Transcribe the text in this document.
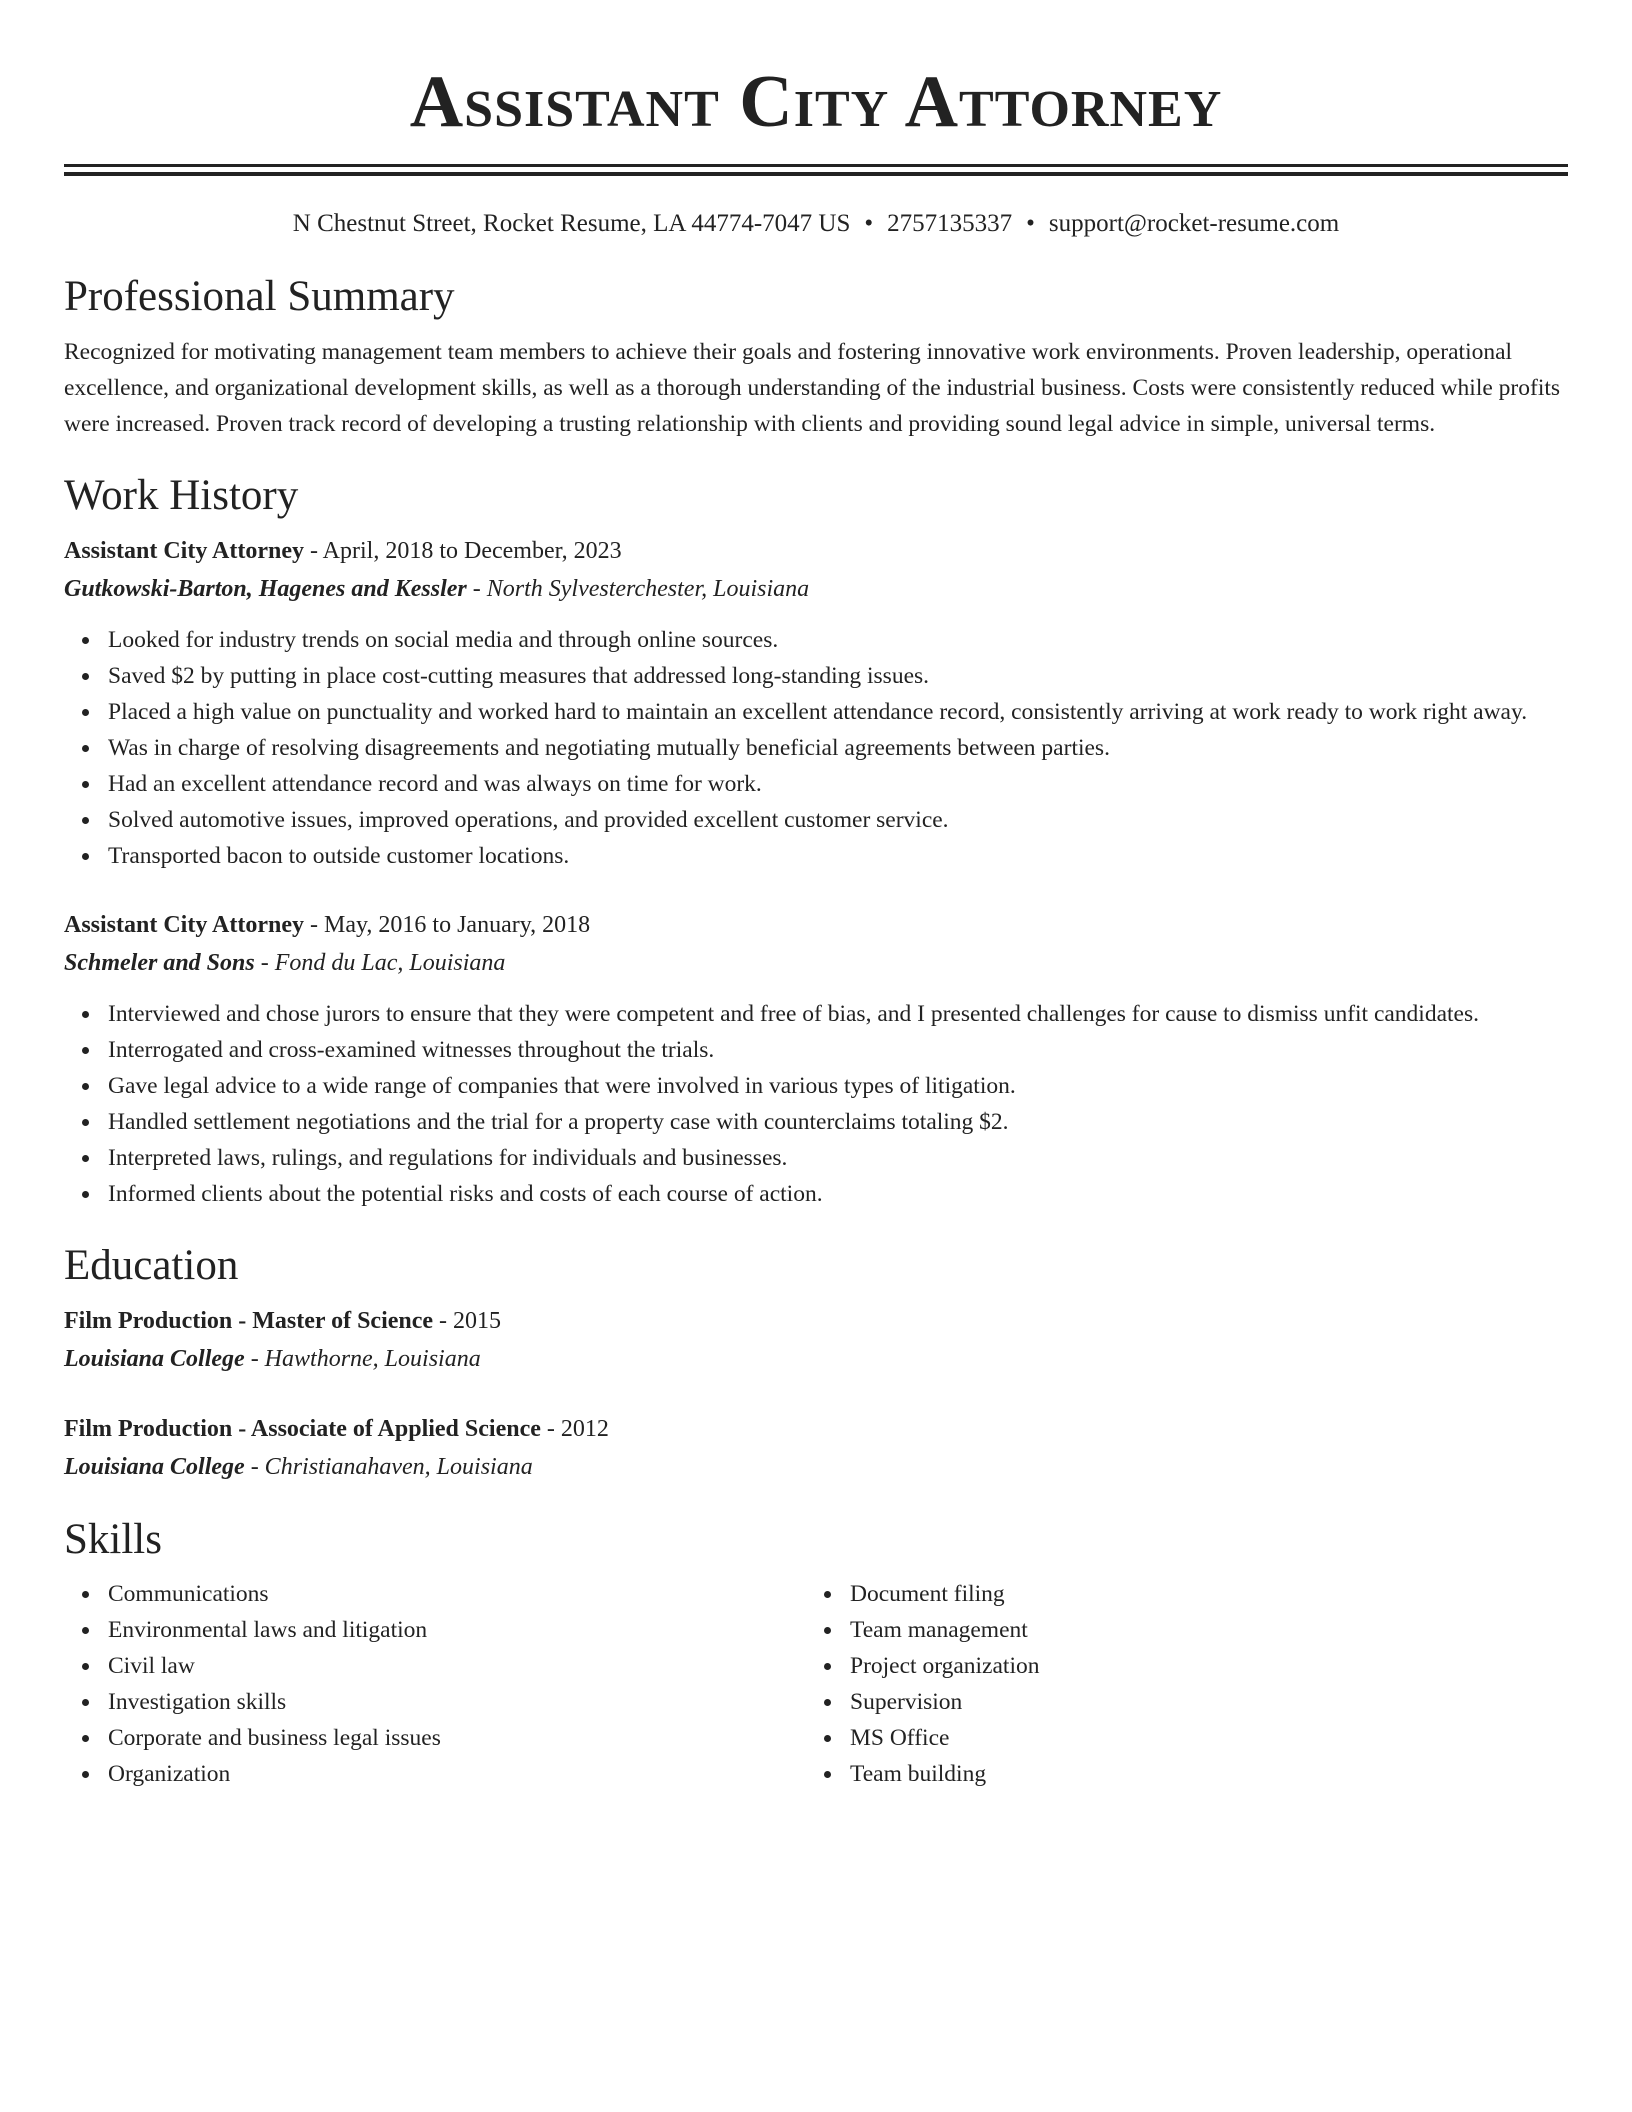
Assistant City Attorney
N Chestnut Street, Rocket Resume, LA 44774-7047 US • 2757135337 • support@rocket-resume.com
Professional Summary

Recognized for motivating management team members to achieve their goals and fostering innovative work environments. Proven leadership, operational excellence, and organizational development skills, as well as a thorough understanding of the industrial business. Costs were consistently reduced while profits were increased. Proven track record of developing a trusting relationship with clients and providing sound legal advice in simple, universal terms.

Work History

Assistant City Attorney - April, 2018 to December, 2023

Gutkowski-Barton, Hagenes and Kessler - North Sylvesterchester, Louisiana

Looked for industry trends on social media and through online sources.
Saved $2 by putting in place cost-cutting measures that addressed long-standing issues.
Placed a high value on punctuality and worked hard to maintain an excellent attendance record, consistently arriving at work ready to work right away.
Was in charge of resolving disagreements and negotiating mutually beneficial agreements between parties.
Had an excellent attendance record and was always on time for work.
Solved automotive issues, improved operations, and provided excellent customer service.
Transported bacon to outside customer locations.

Assistant City Attorney - May, 2016 to January, 2018

Schmeler and Sons - Fond du Lac, Louisiana

Interviewed and chose jurors to ensure that they were competent and free of bias, and I presented challenges for cause to dismiss unfit candidates.
Interrogated and cross-examined witnesses throughout the trials.
Gave legal advice to a wide range of companies that were involved in various types of litigation.
Handled settlement negotiations and the trial for a property case with counterclaims totaling $2.
Interpreted laws, rulings, and regulations for individuals and businesses.
Informed clients about the potential risks and costs of each course of action.
Education

Film Production - Master of Science - 2015

Louisiana College - Hawthorne, Louisiana

Film Production - Associate of Applied Science - 2012

Louisiana College - Christianahaven, Louisiana

Skills
Communications
Environmental laws and litigation
Civil law
Investigation skills
Corporate and business legal issues
Organization
Document filing
Team management
Project organization
Supervision
MS Office
Team building
